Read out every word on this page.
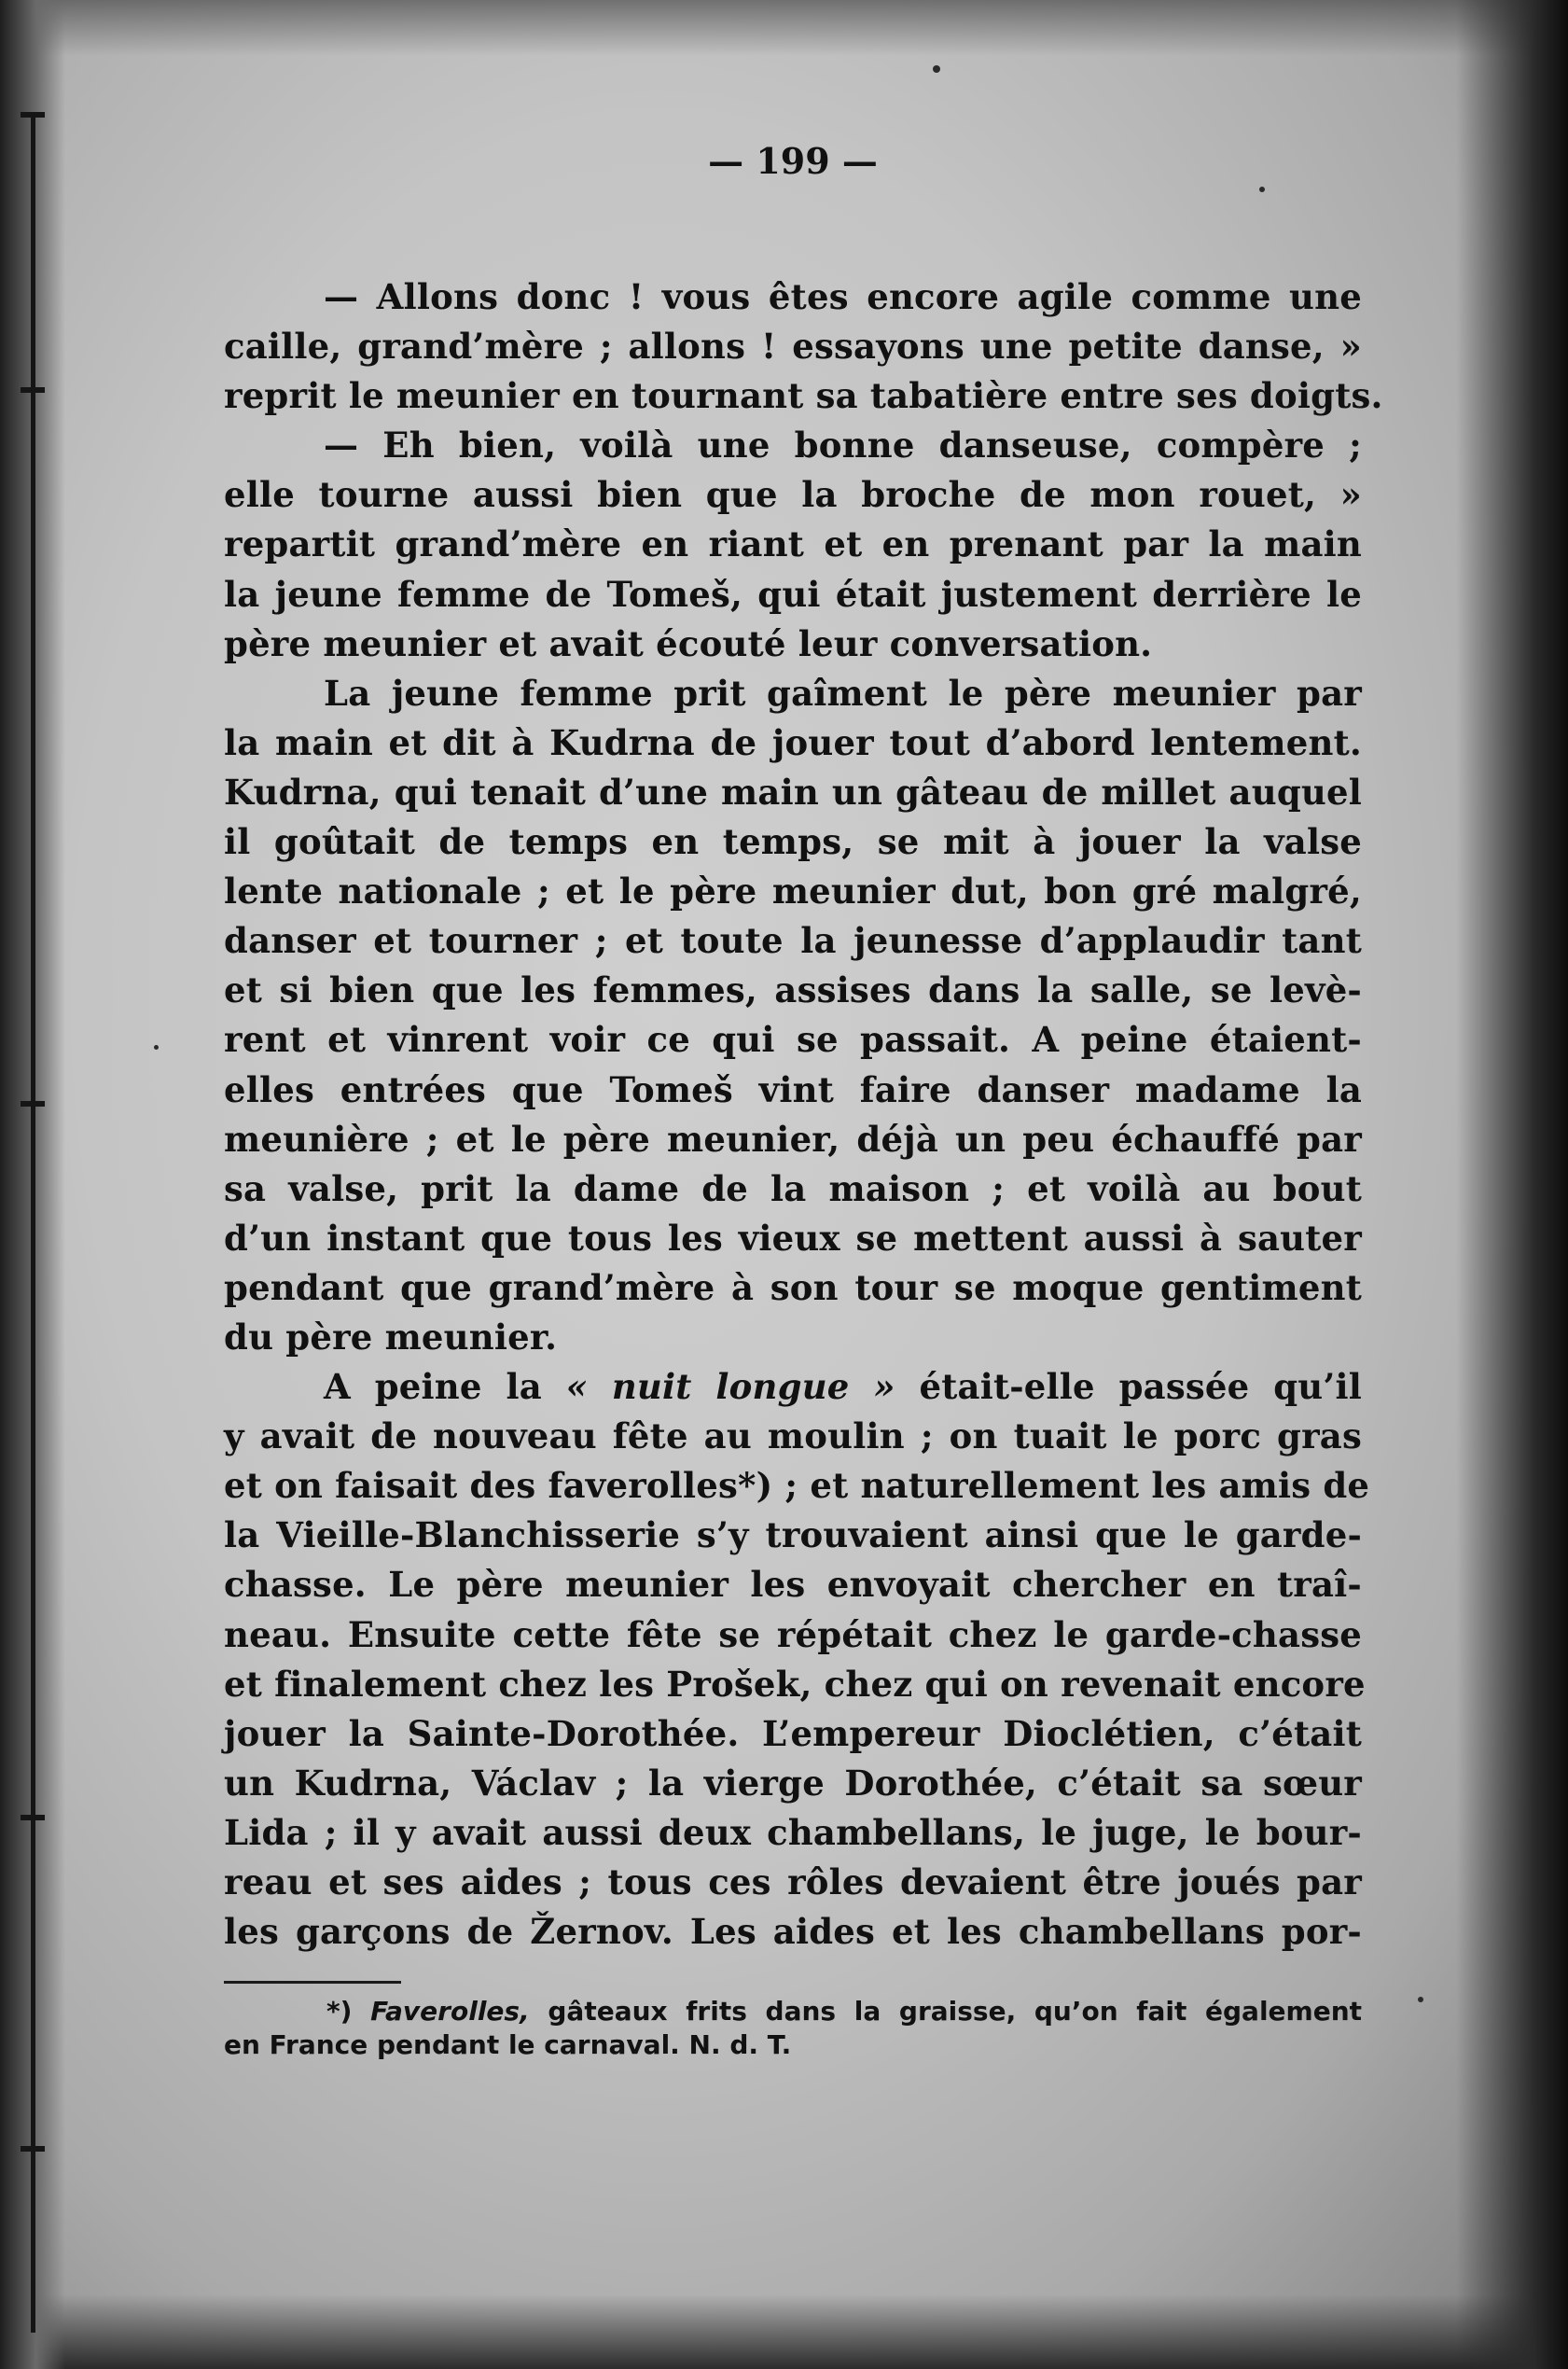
— 199 —
— Allons donc ! vous êtes encore agile comme une
caille, grand’mère ; allons ! essayons une petite danse, »
reprit le meunier en tournant sa tabatière entre ses doigts.
— Eh bien, voilà une bonne danseuse, compère ;
elle tourne aussi bien que la broche de mon rouet, »
repartit grand’mère en riant et en prenant par la main
la jeune femme de Tomeš, qui était justement derrière le
père meunier et avait écouté leur conversation.
La jeune femme prit gaîment le père meunier par
la main et dit à Kudrna de jouer tout d’abord lentement.
Kudrna, qui tenait d’une main un gâteau de millet auquel
il goûtait de temps en temps, se mit à jouer la valse
lente nationale ; et le père meunier dut, bon gré malgré,
danser et tourner ; et toute la jeunesse d’applaudir tant
et si bien que les femmes, assises dans la salle, se levè-
rent et vinrent voir ce qui se passait. A peine étaient-
elles entrées que Tomeš vint faire danser madame la
meunière ; et le père meunier, déjà un peu échauffé par
sa valse, prit la dame de la maison ; et voilà au bout
d’un instant que tous les vieux se mettent aussi à sauter
pendant que grand’mère à son tour se moque gentiment
du père meunier.
A peine la « nuit longue » était-elle passée qu’il
y avait de nouveau fête au moulin ; on tuait le porc gras
et on faisait des faverolles*) ; et naturellement les amis de
la Vieille-Blanchisserie s’y trouvaient ainsi que le garde-
chasse. Le père meunier les envoyait chercher en traî-
neau. Ensuite cette fête se répétait chez le garde-chasse
et finalement chez les Prošek, chez qui on revenait encore
jouer la Sainte-Dorothée. L’empereur Dioclétien, c’était
un Kudrna, Václav ; la vierge Dorothée, c’était sa sœur
Lida ; il y avait aussi deux chambellans, le juge, le bour-
reau et ses aides ; tous ces rôles devaient être joués par
les garçons de Žernov. Les aides et les chambellans por-
*) Faverolles, gâteaux frits dans la graisse, qu’on fait également
en France pendant le carnaval. N. d. T.
